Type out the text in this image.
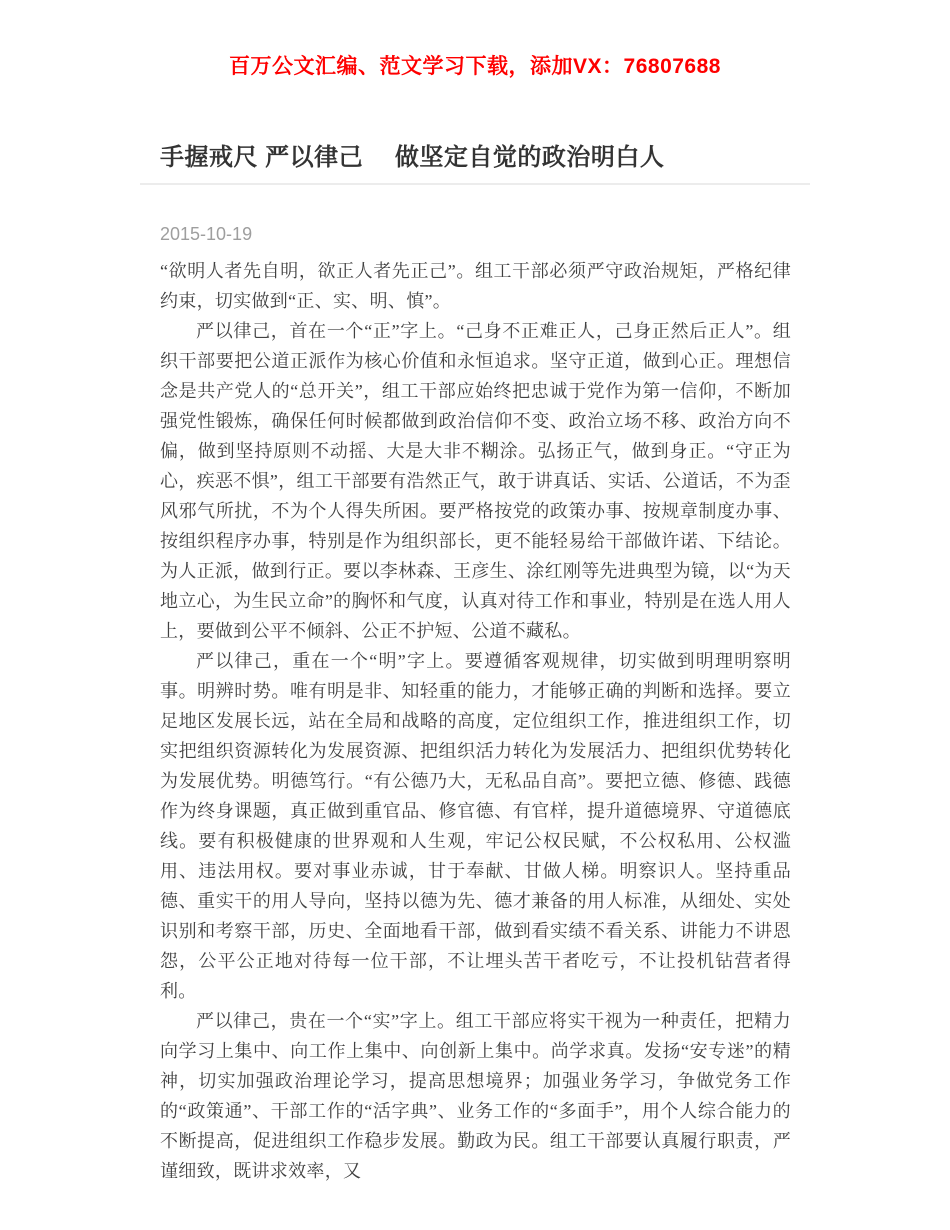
百万公文汇编、范文学习下载，添加VX：76807688
手握戒尺 严以律己　 做坚定自觉的政治明白人
2015-10-19

“欲明人者先自明，欲正人者先正己”。组工干部必须严守政治规矩，严格纪律约束，切实做到“正、实、明、慎”。

严以律己，首在一个“正”字上。“己身不正难正人，己身正然后正人”。组织干部要把公道正派作为核心价值和永恒追求。坚守正道，做到心正。理想信念是共产党人的“总开关”，组工干部应始终把忠诚于党作为第一信仰，不断加强党性锻炼，确保任何时候都做到政治信仰不变、政治立场不移、政治方向不偏，做到坚持原则不动摇、大是大非不糊涂。弘扬正气，做到身正。“守正为心，疾恶不惧”，组工干部要有浩然正气，敢于讲真话、实话、公道话，不为歪风邪气所扰，不为个人得失所困。要严格按党的政策办事、按规章制度办事、按组织程序办事，特别是作为组织部长，更不能轻易给干部做许诺、下结论。为人正派，做到行正。要以李林森、王彦生、涂红刚等先进典型为镜，以“为天地立心，为生民立命”的胸怀和气度，认真对待工作和事业，特别是在选人用人上，要做到公平不倾斜、公正不护短、公道不藏私。

严以律己，重在一个“明”字上。要遵循客观规律，切实做到明理明察明事。明辨时势。唯有明是非、知轻重的能力，才能够正确的判断和选择。要立足地区发展长远，站在全局和战略的高度，定位组织工作，推进组织工作，切实把组织资源转化为发展资源、把组织活力转化为发展活力、把组织优势转化为发展优势。明德笃行。“有公德乃大，无私品自高”。要把立德、修德、践德作为终身课题，真正做到重官品、修官德、有官样，提升道德境界、守道德底线。要有积极健康的世界观和人生观，牢记公权民赋，不公权私用、公权滥用、违法用权。要对事业赤诚，甘于奉献、甘做人梯。明察识人。坚持重品德、重实干的用人导向，坚持以德为先、德才兼备的用人标准，从细处、实处识别和考察干部，历史、全面地看干部，做到看实绩不看关系、讲能力不讲恩怨，公平公正地对待每一位干部，不让埋头苦干者吃亏，不让投机钻营者得利。

严以律己，贵在一个“实”字上。组工干部应将实干视为一种责任，把精力向学习上集中、向工作上集中、向创新上集中。尚学求真。发扬“安专迷”的精神，切实加强政治理论学习，提高思想境界；加强业务学习，争做党务工作的“政策通”、干部工作的“活字典”、业务工作的“多面手”，用个人综合能力的不断提高，促进组织工作稳步发展。勤政为民。组工干部要认真履行职责，严谨细致，既讲求效率，又
